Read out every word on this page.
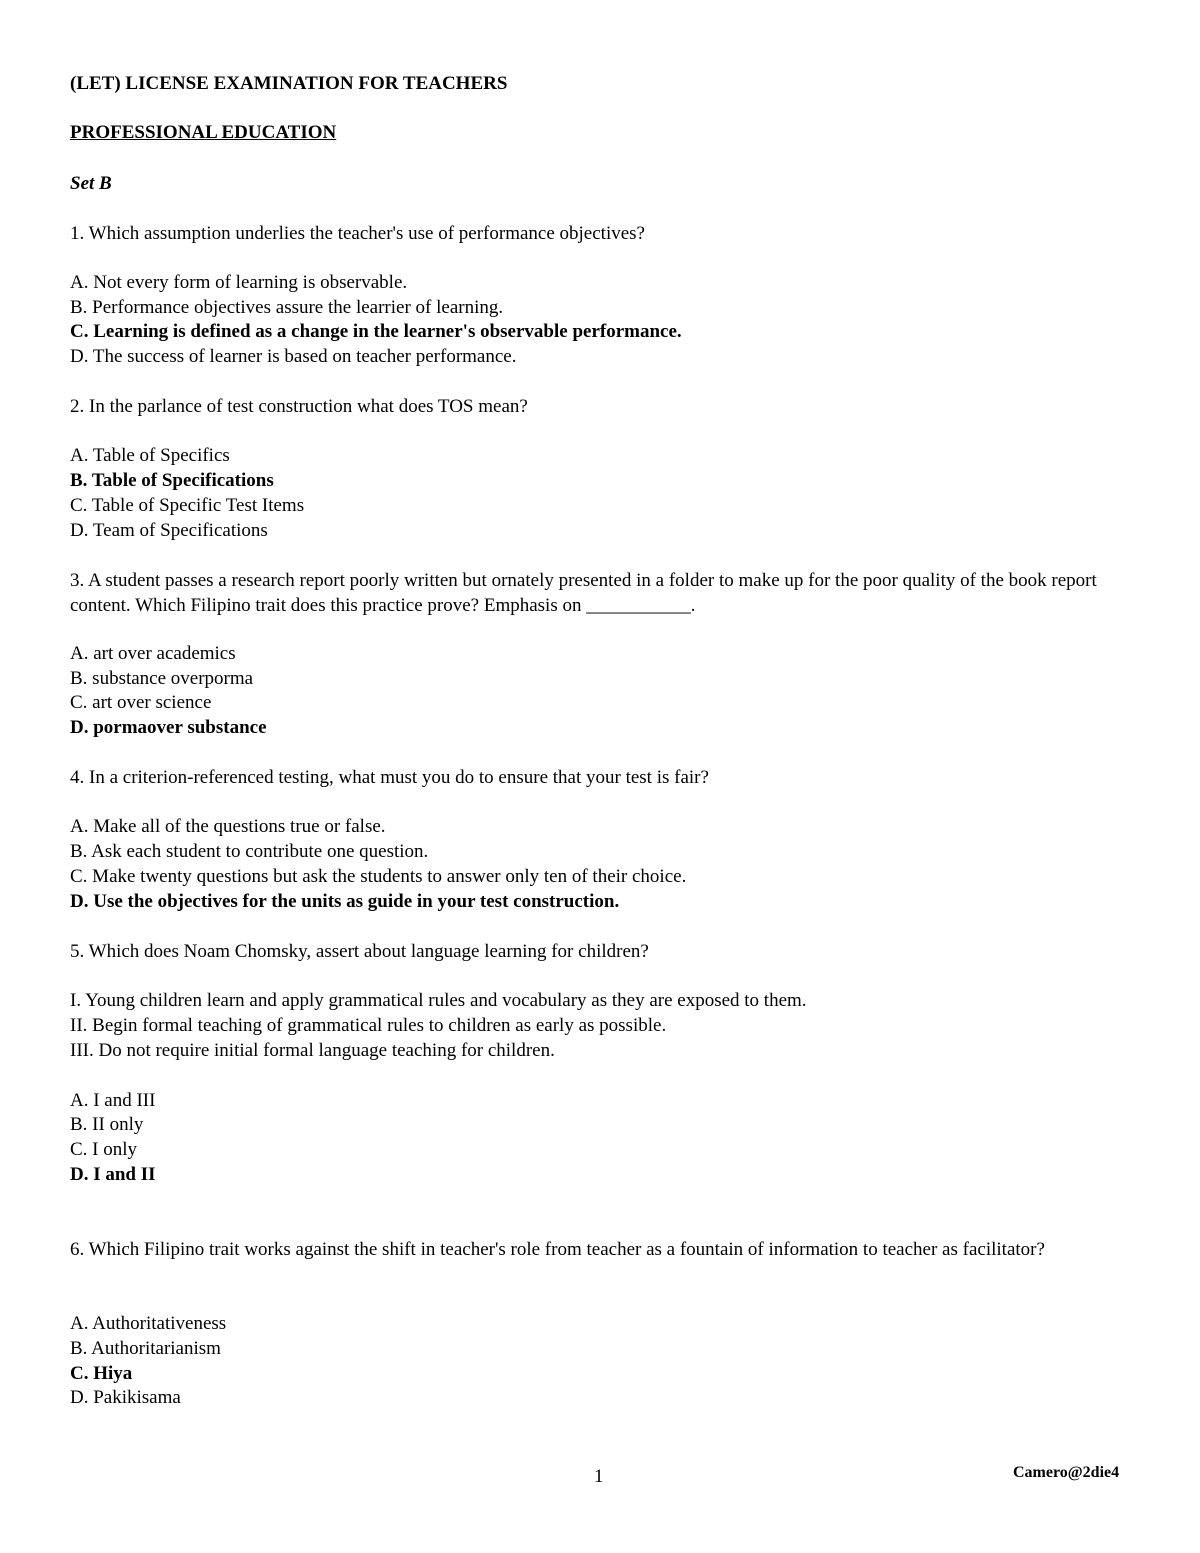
(LET) LICENSE EXAMINATION FOR TEACHERS
PROFESSIONAL EDUCATION
Set B
1. Which assumption underlies the teacher's use of performance objectives?
A. Not every form of learning is observable.
B. Performance objectives assure the learrier of learning.
C. Learning is defined as a change in the learner's observable performance.
D. The success of learner is based on teacher performance.
2. In the parlance of test construction what does TOS mean?
A. Table of Specifics
B. Table of Specifications
C. Table of Specific Test Items
D. Team of Specifications
3. A student passes a research report poorly written but ornately presented in a folder to make up for the poor quality of the book report content. Which Filipino trait does this practice prove? Emphasis on ___________.
A. art over academics
B. substance overporma
C. art over science
D. pormaover substance
4. In a criterion-referenced testing, what must you do to ensure that your test is fair?
A. Make all of the questions true or false.
B. Ask each student to contribute one question.
C. Make twenty questions but ask the students to answer only ten of their choice.
D. Use the objectives for the units as guide in your test construction.
5. Which does Noam Chomsky, assert about language learning for children?
I. Young children learn and apply grammatical rules and vocabulary as they are exposed to them.
II. Begin formal teaching of grammatical rules to children as early as possible.
III. Do not require initial formal language teaching for children.
A. I and III
B. II only
C. I only
D. I and II
6. Which Filipino trait works against the shift in teacher's role from teacher as a fountain of information to teacher as facilitator?
A. Authoritativeness
B. Authoritarianism
C. Hiya
D. Pakikisama
1	Camero@2die4
